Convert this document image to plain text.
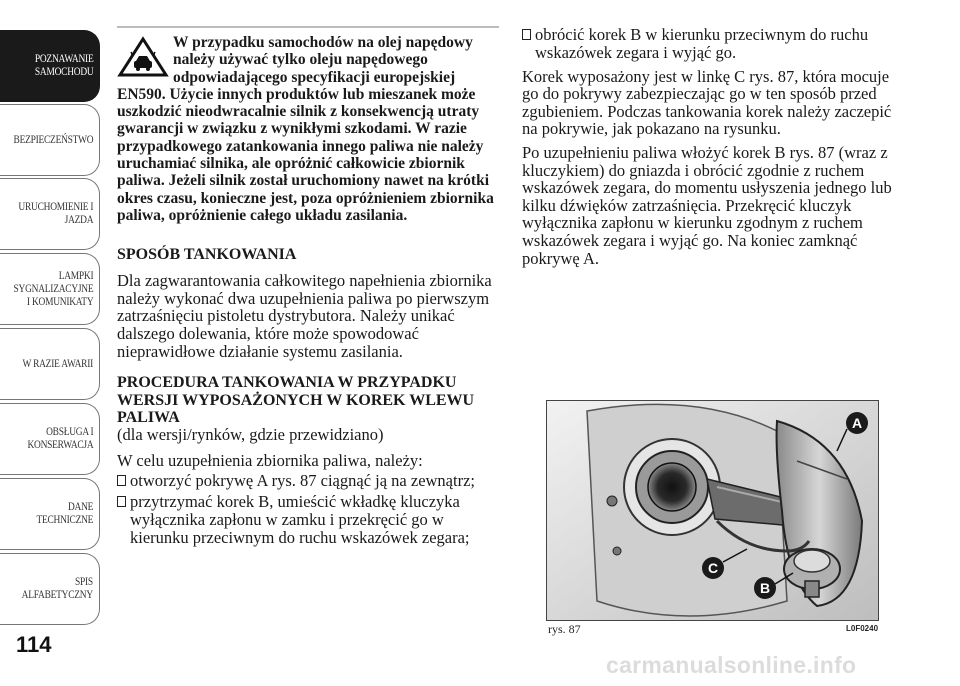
POZNAWANIE
SAMOCHODU
BEZPIECZEŃSTWO
URUCHOMIENIE I
JAZDA
LAMPKI
SYGNALIZACYJNE
I KOMUNIKATY
W RAZIE AWARII
OBSŁUGA I
KONSERWACJA
DANE
TECHNICZNE
SPIS
ALFABETYCZNY
114
W przypadku samochodów na olej napędowy należy używać tylko oleju napędowego odpowiadającego specyfikacji europejskiej EN590. Użycie innych produktów lub mieszanek może uszkodzić nieodwracalnie silnik z konsekwencją utraty gwarancji w związku z wynikłymi szkodami. W razie przypadkowego zatankowania innego paliwa nie należy uruchamiać silnika, ale opróżnić całkowicie zbiornik paliwa. Jeżeli silnik został uruchomiony nawet na krótki okres czasu, konieczne jest, poza opróżnieniem zbiornika paliwa, opróżnienie całego układu zasilania.
SPOSÓB TANKOWANIA
Dla zagwarantowania całkowitego napełnienia zbiornika należy wykonać dwa uzupełnienia paliwa po pierwszym zatrzaśnięciu pistoletu dystrybutora. Należy unikać dalszego dolewania, które może spowodować nieprawidłowe działanie systemu zasilania.
PROCEDURA TANKOWANIA W PRZYPADKU WERSJI WYPOSAŻONYCH W KOREK WLEWU PALIWA
(dla wersji/rynków, gdzie przewidziano)
W celu uzupełnienia zbiornika paliwa, należy:
otworzyć pokrywę A rys. 87 ciągnąć ją na zewnątrz;
przytrzymać korek B, umieścić wkładkę kluczyka wyłącznika zapłonu w zamku i przekręcić go w kierunku przeciwnym do ruchu wskazówek zegara;
obrócić korek B w kierunku przeciwnym do ruchu wskazówek zegara i wyjąć go.
Korek wyposażony jest w linkę C rys. 87, która mocuje go do pokrywy zabezpieczając go w ten sposób przed zgubieniem. Podczas tankowania korek należy zaczepić na pokrywie, jak pokazano na rysunku.
Po uzupełnieniu paliwa włożyć korek B rys. 87 (wraz z kluczykiem) do gniazda i obrócić zgodnie z ruchem wskazówek zegara, do momentu usłyszenia jednego lub kilku dźwięków zatrzaśnięcia. Przekręcić kluczyk wyłącznika zapłonu w kierunku zgodnym z ruchem wskazówek zegara i wyjąć go. Na koniec zamknąć pokrywę A.
A
B
C
rys. 87	L0F0240
carmanualsonline.info
